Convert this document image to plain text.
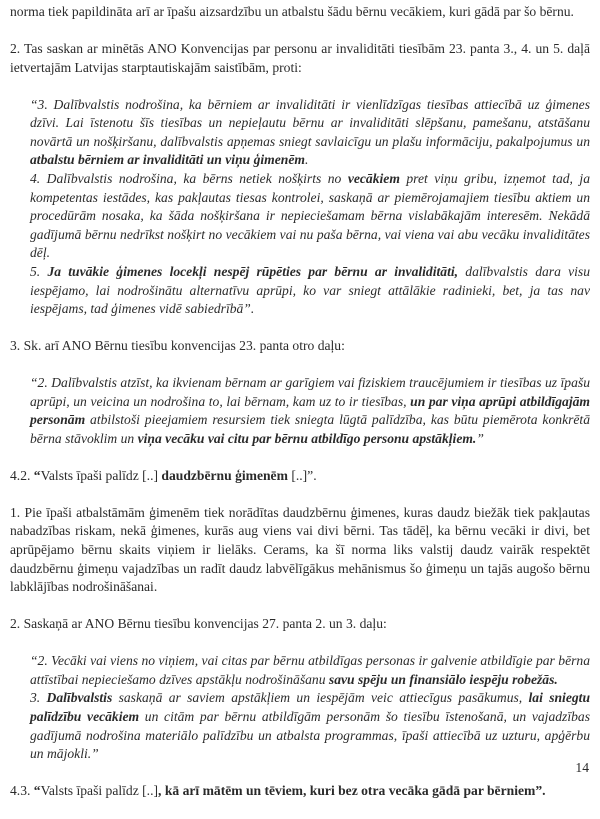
norma tiek papildināta arī ar īpašu aizsardzību un atbalstu šādu bērnu vecākiem, kuri gādā par šo bērnu.

2. Tas saskan ar minētās ANO Konvencijas par personu ar invaliditāti tiesībām 23. panta 3., 4. un 5. daļā ietvertajām Latvijas starptautiskajām saistībām, proti:

“3. Dalībvalstis nodrošina, ka bērniem ar invaliditāti ir vienlīdzīgas tiesības attiecībā uz ģimenes dzīvi. Lai īstenotu šīs tiesības un nepieļautu bērnu ar invaliditāti slēpšanu, pamešanu, atstāšanu novārtā un nošķiršanu, dalībvalstis apņemas sniegt savlaicīgu un plašu informāciju, pakalpojumus un atbalstu bērniem ar invaliditāti un viņu ģimenēm.

4. Dalībvalstis nodrošina, ka bērns netiek nošķirts no vecākiem pret viņu gribu, izņemot tad, ja kompetentas iestādes, kas pakļautas tiesas kontrolei, saskaņā ar piemērojamajiem tiesību aktiem un procedūrām nosaka, ka šāda nošķiršana ir nepieciešamam bērna vislabākajām interesēm. Nekādā gadījumā bērnu nedrīkst nošķirt no vecākiem vai nu paša bērna, vai viena vai abu vecāku invaliditātes dēļ.

5. Ja tuvākie ģimenes locekļi nespēj rūpēties par bērnu ar invaliditāti, dalībvalstis dara visu iespējamo, lai nodrošinātu alternatīvu aprūpi, ko var sniegt attālākie radinieki, bet, ja tas nav iespējams, tad ģimenes vidē sabiedrībā”.

3. Sk. arī ANO Bērnu tiesību konvencijas 23. panta otro daļu:

“2. Dalībvalstis atzīst, ka ikvienam bērnam ar garīgiem vai fiziskiem traucējumiem ir tiesības uz īpašu aprūpi, un veicina un nodrošina to, lai bērnam, kam uz to ir tiesības, un par viņa aprūpi atbildīgajām personām atbilstoši pieejamiem resursiem tiek sniegta lūgtā palīdzība, kas būtu piemērota konkrētā bērna stāvoklim un viņa vecāku vai citu par bērnu atbildīgo personu apstākļiem.”

4.2. “Valsts īpaši palīdz [..] daudzbērnu ģimenēm [..]”.

1. Pie īpaši atbalstāmām ģimenēm tiek norādītas daudzbērnu ģimenes, kuras daudz biežāk tiek pakļautas nabadzības riskam, nekā ģimenes, kurās aug viens vai divi bērni. Tas tādēļ, ka bērnu vecāki ir divi, bet aprūpējamo bērnu skaits viņiem ir lielāks. Cerams, ka šī norma liks valstij daudz vairāk respektēt daudzbērnu ģimeņu vajadzības un radīt daudz labvēlīgākus mehānismus šo ģimeņu un tajās augošo bērnu labklājības nodrošināšanai.

2. Saskaņā ar ANO Bērnu tiesību konvencijas 27. panta 2. un 3. daļu:

“2. Vecāki vai viens no viņiem, vai citas par bērnu atbildīgas personas ir galvenie atbildīgie par bērna attīstībai nepieciešamo dzīves apstākļu nodrošināšanu savu spēju un finansiālo iespēju robežās.

3. Dalībvalstis saskaņā ar saviem apstākļiem un iespējām veic attiecīgus pasākumus, lai sniegtu palīdzību vecākiem un citām par bērnu atbildīgām personām šo tiesību īstenošanā, un vajadzības gadījumā nodrošina materiālo palīdzību un atbalsta programmas, īpaši attiecībā uz uzturu, apģērbu un mājokli.”

4.3. “Valsts īpaši palīdz [..], kā arī mātēm un tēviem, kuri bez otra vecāka gādā par bērniem”.

14
